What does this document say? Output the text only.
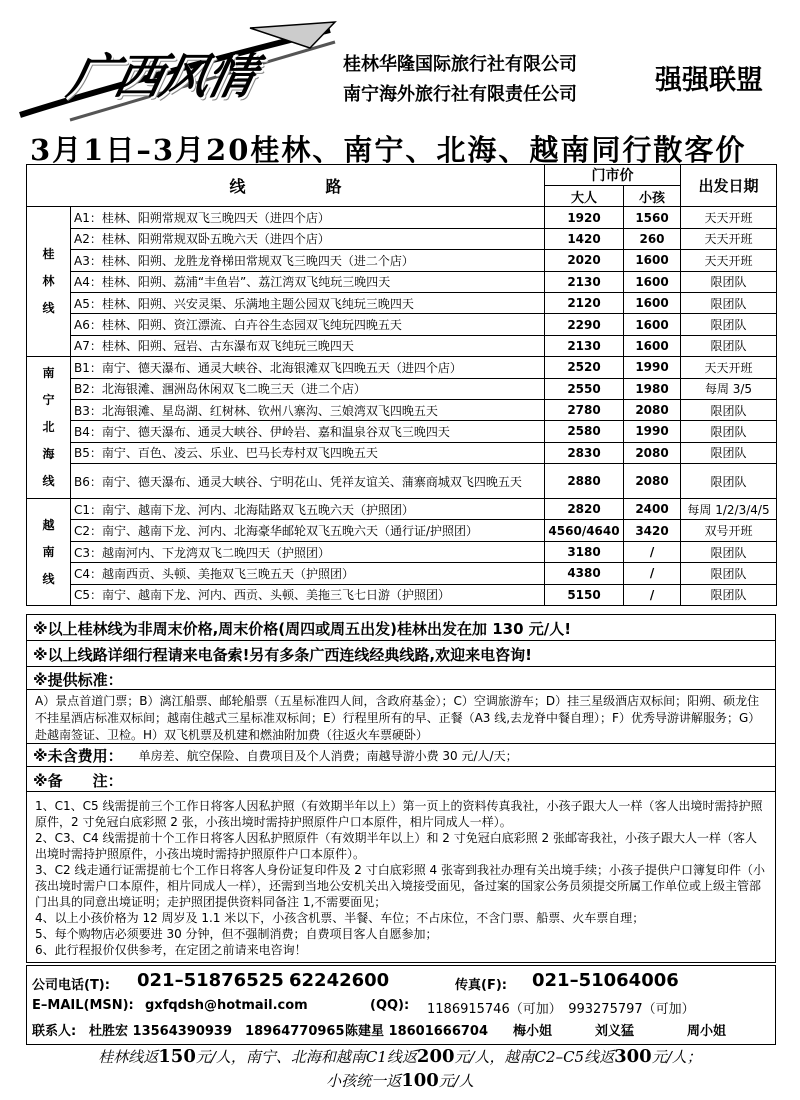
广西风情	桂林华隆国际旅行社有限公司
南宁海外旅行社有限责任公司	强强联盟
3月1日–3月20桂林、南宁、北海、越南同行散客价
线　　　　　路		门市价		出发日期
		大人	小孩	

桂
林
线	A1：桂林、阳朔常规双飞三晚四天（进四个店）	1920	1560	天天开班
	A2：桂林、阳朔常规双卧五晚六天（进四个店）	1420	260	天天开班
	A3：桂林、阳朔、龙胜龙脊梯田常规双飞三晚四天（进二个店）	2020	1600	天天开班
	A4：桂林、阳朔、荔浦“丰鱼岩”、荔江湾双飞纯玩三晚四天	2130	1600	限团队
	A5：桂林、阳朔、兴安灵渠、乐满地主题公园双飞纯玩三晚四天	2120	1600	限团队
	A6：桂林、阳朔、资江漂流、白卉谷生态园双飞纯玩四晚五天	2290	1600	限团队
	A7：桂林、阳朔、冠岩、古东瀑布双飞纯玩三晚四天	2130	1600	限团队

南
宁
北
海
线	B1：南宁、德天瀑布、通灵大峡谷、北海银滩双飞四晚五天（进四个店）	2520	1990	天天开班
	B2：北海银滩、涠洲岛休闲双飞二晚三天（进二个店）	2550	1980	每周 3/5
	B3：北海银滩、星岛湖、红树林、钦州八寨沟、三娘湾双飞四晚五天	2780	2080	限团队
	B4：南宁、德天瀑布、通灵大峡谷、伊岭岩、嘉和温泉谷双飞三晚四天	2580	1990	限团队
	B5：南宁、百色、凌云、乐业、巴马长寿村双飞四晚五天	2830	2080	限团队
	B6：南宁、德天瀑布、通灵大峡谷、宁明花山、凭祥友谊关、蒲寨商城双飞四晚五天	2880	2080	限团队

越
南
线	C1：南宁、越南下龙、河内、北海陆路双飞五晚六天（护照团）	2820	2400	每周 1/2/3/4/5
	C2：南宁、越南下龙、河内、北海豪华邮轮双飞五晚六天（通行证/护照团）	4560/4640	3420	双号开班
	C3：越南河内、下龙湾双飞二晚四天（护照团）	3180	/	限团队
	C4：越南西贡、头顿、美拖双飞三晚五天（护照团）	4380	/	限团队
	C5：南宁、越南下龙、河内、西贡、头顿、美拖三飞七日游（护照团）	5150	/	限团队
※以上桂林线为非周末价格,周末价格(周四或周五出发)桂林出发在加 130 元/人!
※以上线路详细行程请来电备索!另有多条广西连线经典线路,欢迎来电咨询!
※提供标准：
A）景点首道门票；B）漓江船票、邮轮船票（五星标准四人间，含政府基金）；C）空调旅游车；D）挂三星级酒店双标间；阳朔、硕龙住不挂星酒店标准双标间；越南住越式三星标准双标间；E）行程里所有的早、正餐（A3 线,去龙脊中餐自理）；F）优秀导游讲解服务；G）赴越南签证、卫检。H）双飞机票及机建和燃油附加费（往返火车票硬卧）
※未含费用：	单房差、航空保险、自费项目及个人消费；南越导游小费 30 元/人/天；
※备　　注：
1、C1、C5 线需提前三个工作日将客人因私护照（有效期半年以上）第一页上的资料传真我社，小孩子跟大人一样（客人出境时需持护照原件，2 寸免冠白底彩照 2 张，小孩出境时需持护照原件户口本原件，相片同成人一样）。
2、C3、C4 线需提前十个工作日将客人因私护照原件（有效期半年以上）和 2 寸免冠白底彩照 2 张邮寄我社，小孩子跟大人一样（客人出境时需持护照原件，小孩出境时需持护照原件户口本原件）。
3、C2 线走通行证需提前七个工作日将客人身份证复印件及 2 寸白底彩照 4 张寄到我社办理有关出境手续；小孩子提供户口簿复印件（小孩出境时需户口本原件，相片同成人一样），还需到当地公安机关出入境接受面见，备过案的国家公务员须提交所属工作单位或上级主管部门出具的同意出境证明；走护照团提供资料同备注 1,不需要面见；
4、以上小孩价格为 12 周岁及 1.1 米以下，小孩含机票、半餐、车位；不占床位，不含门票、船票、火车票自理；
5、每个购物店必须要进 30 分钟，但不强制消费；自费项目客人自愿参加；
6、此行程报价仅供参考，在定团之前请来电咨询！
公司电话(T): 021–51876525 62242600	传真(F): 021–51064006
E–MAIL(MSN): gxfqdsh@hotmail.com	(QQ): 1186915746（可加）　993275797（可加）
联系人: 杜胜宏 13564390939　18964770965 陈建星 18601666704 梅小姐	刘义猛	周小姐
桂林线返150元/人，南宁、北海和越南C1线返200元/人，越南C2–C5线返300元/人；
小孩统一返100元/人
